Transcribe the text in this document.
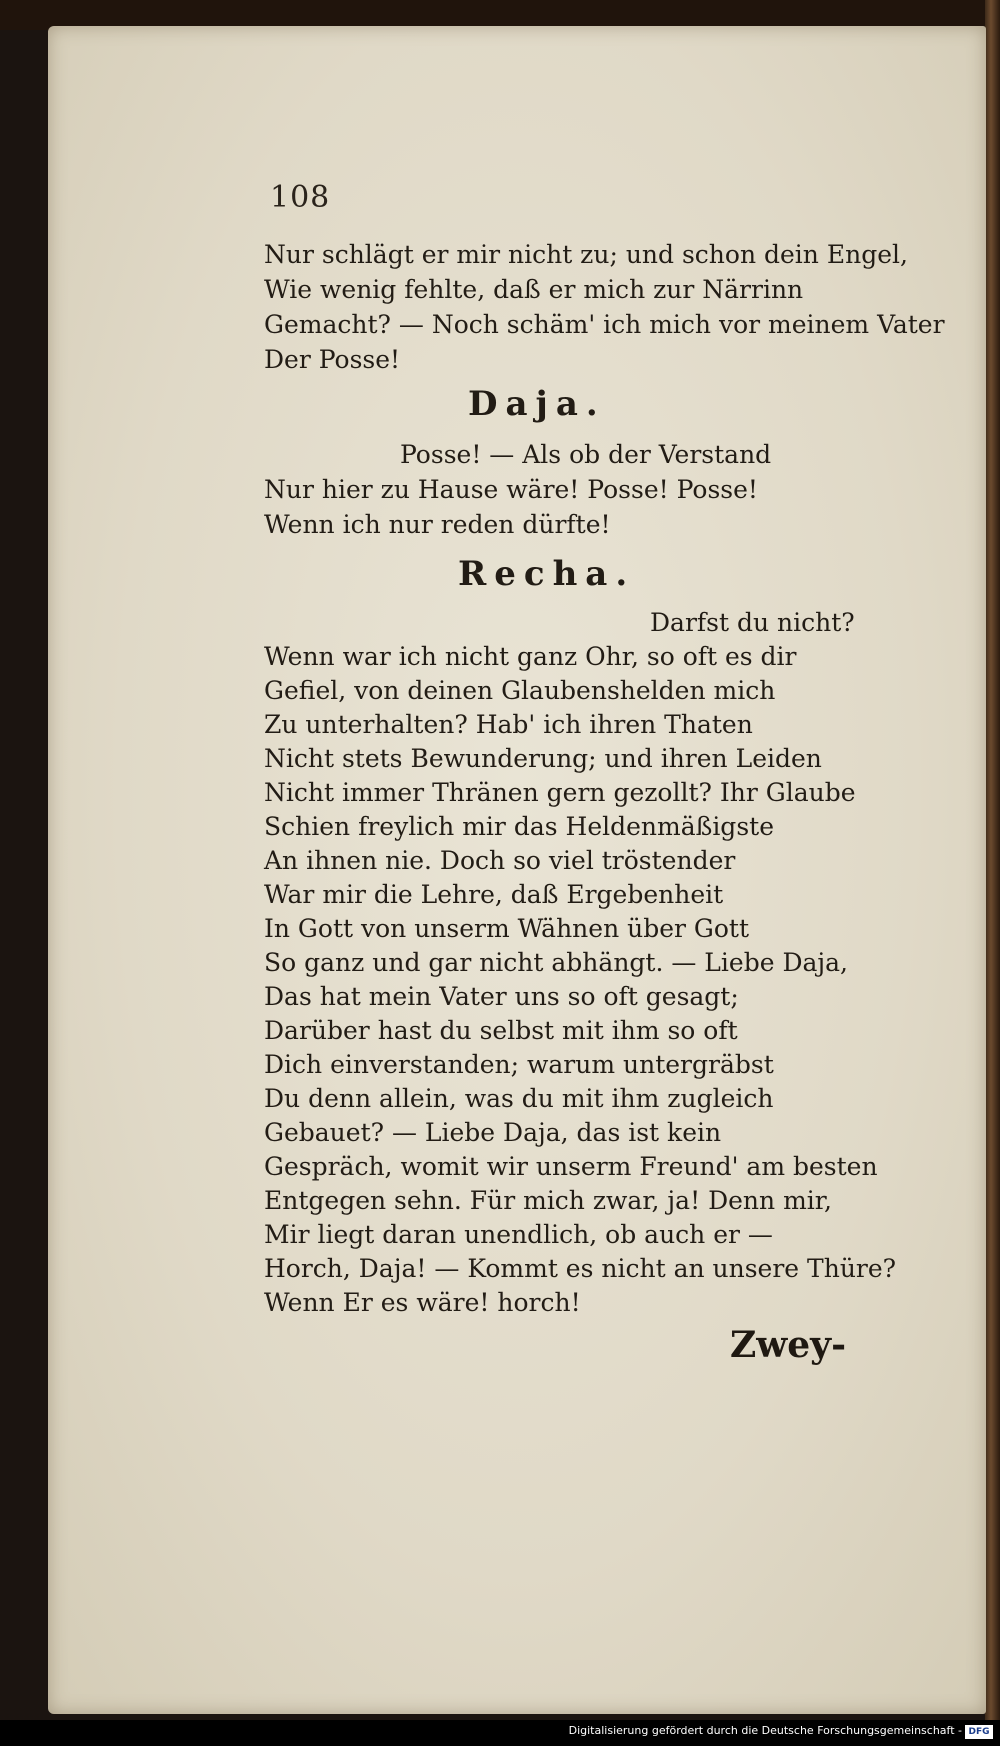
108
Nur schlägt er mir nicht zu; und schon dein Engel,
Wie wenig fehlte, daß er mich zur Närrinn
Gemacht? — Noch schäm' ich mich vor meinem Vater
Der Posse!
Daja.
Posse! — Als ob der Verstand
Nur hier zu Hause wäre! Posse! Posse!
Wenn ich nur reden dürfte!
Recha.
Darfst du nicht?
Wenn war ich nicht ganz Ohr, so oft es dir
Gefiel, von deinen Glaubenshelden mich
Zu unterhalten? Hab' ich ihren Thaten
Nicht stets Bewunderung; und ihren Leiden
Nicht immer Thränen gern gezollt? Ihr Glaube
Schien freylich mir das Heldenmäßigste
An ihnen nie. Doch so viel tröstender
War mir die Lehre, daß Ergebenheit
In Gott von unserm Wähnen über Gott
So ganz und gar nicht abhängt. — Liebe Daja,
Das hat mein Vater uns so oft gesagt;
Darüber hast du selbst mit ihm so oft
Dich einverstanden; warum untergräbst
Du denn allein, was du mit ihm zugleich
Gebauet? — Liebe Daja, das ist kein
Gespräch, womit wir unserm Freund' am besten
Entgegen sehn. Für mich zwar, ja! Denn mir,
Mir liegt daran unendlich, ob auch er —
Horch, Daja! — Kommt es nicht an unsere Thüre?
Wenn Er es wäre! horch!
Zwey-
Digitalisierung gefördert durch die Deutsche Forschungsgemeinschaft - DFG
